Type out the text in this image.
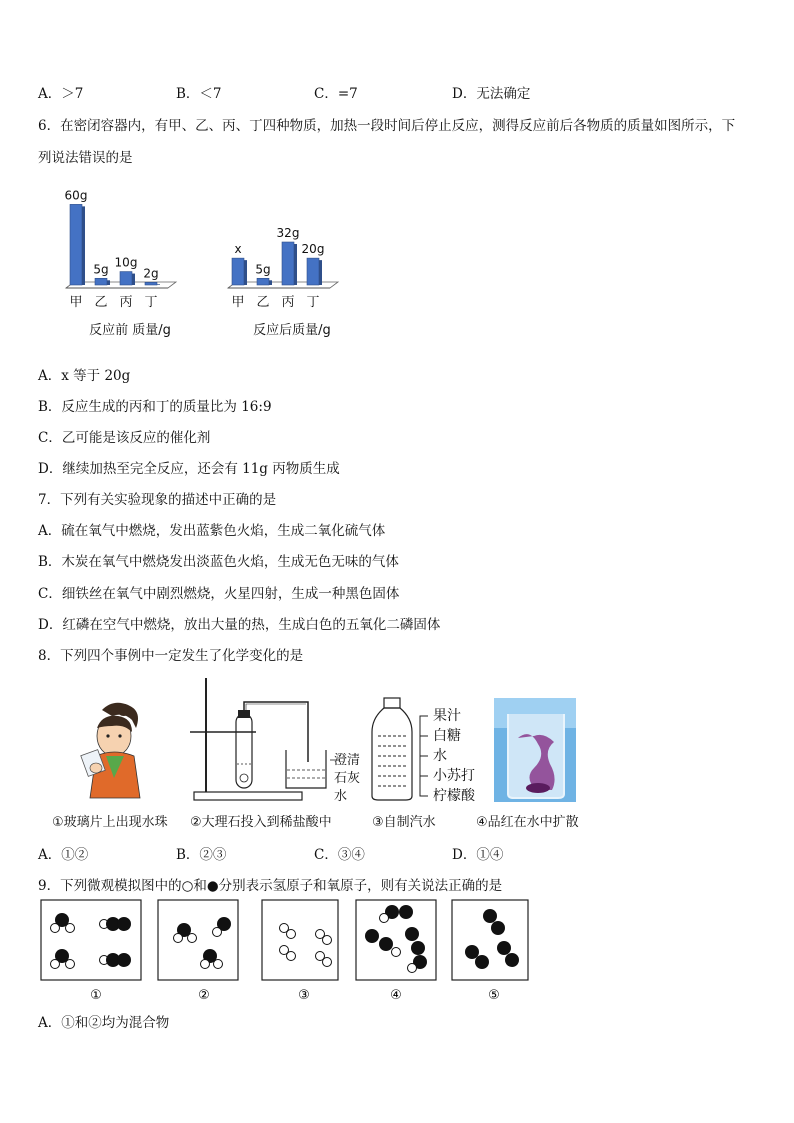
A．＞7	B．＜7	C．=7	D．无法确定
6．在密闭容器内，有甲、乙、丙、丁四种物质，加热一段时间后停止反应，测得反应前后各物质的质量如图所示，下
列说法错误的是
60g
甲
5g
乙
10g
丙
2g
丁
反应前 质量/g
x
甲
5g
乙
32g
丙
20g
丁
反应后质量/g
A．x 等于 20g
B．反应生成的丙和丁的质量比为 16:9
C．乙可能是该反应的催化剂
D．继续加热至完全反应，还会有 11g 丙物质生成
7．下列有关实验现象的描述中正确的是
A．硫在氧气中燃烧，发出蓝紫色火焰，生成二氧化硫气体
B．木炭在氧气中燃烧发出淡蓝色火焰，生成无色无味的气体
C．细铁丝在氧气中剧烈燃烧，火星四射，生成一种黑色固体
D．红磷在空气中燃烧，放出大量的热，生成白色的五氧化二磷固体
8．下列四个事例中一定发生了化学变化的是
澄清
石灰
水
果汁
白糖
水
小苏打
柠檬酸
①玻璃片上出现水珠 ②大理石投入到稀盐酸中	③自制汽水	④品红在水中扩散
A．①②	B．②③	C．③④	D．①④
9．下列微观模拟图中的○和●分别表示氢原子和氧原子，则有关说法正确的是
①	②	③	④	⑤
A．①和②均为混合物
